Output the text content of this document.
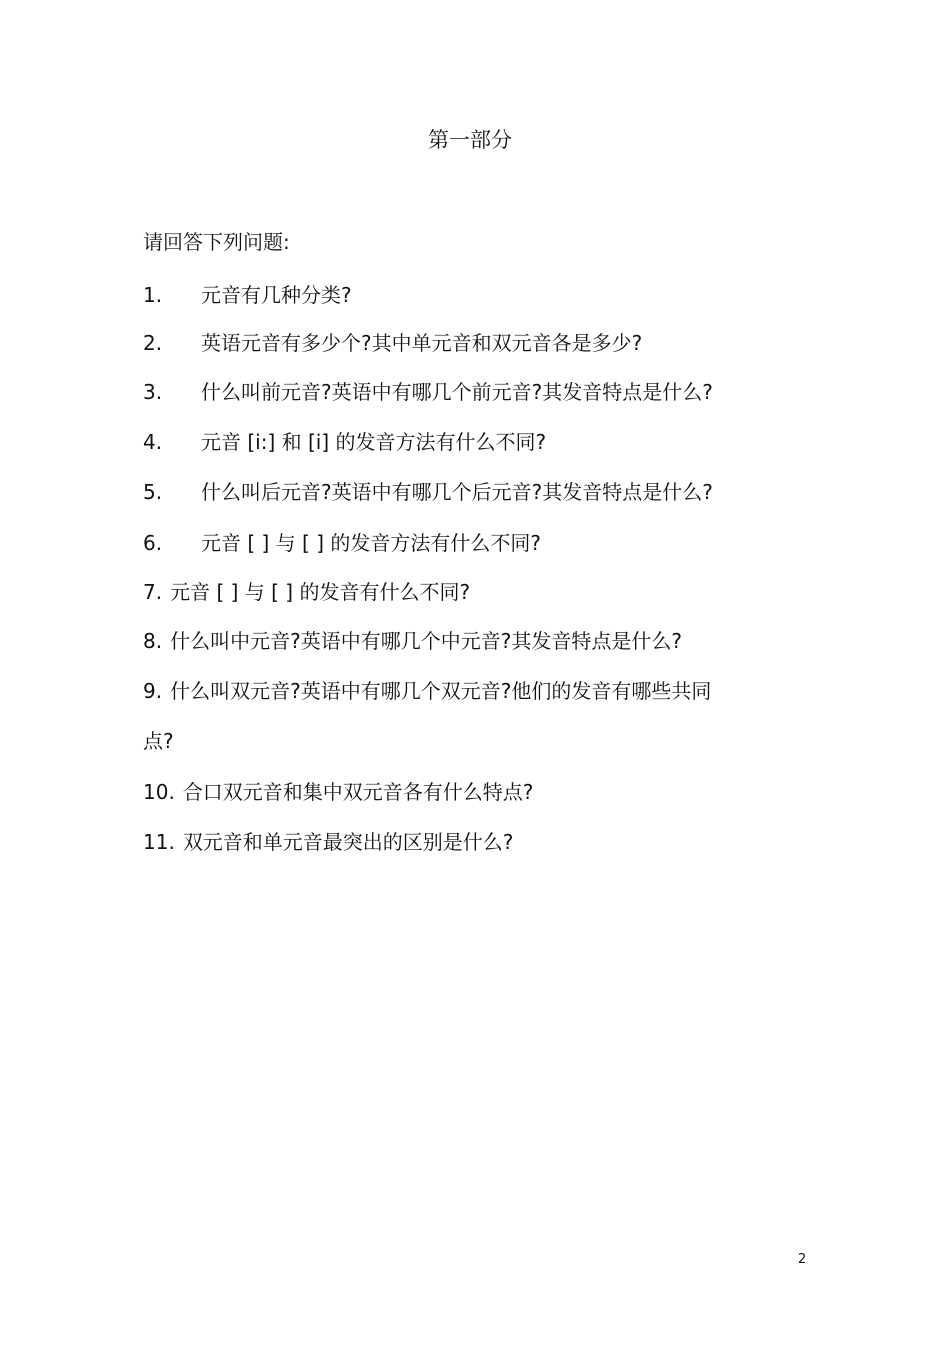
第一部分
请回答下列问题:
1. 元音有几种分类?
2. 英语元音有多少个?其中单元音和双元音各是多少?
3. 什么叫前元音?英语中有哪几个前元音?其发音特点是什么?
4. 元音 [i:] 和 [i] 的发音方法有什么不同?
5. 什么叫后元音?英语中有哪几个后元音?其发音特点是什么?
6. 元音 [ ] 与 [ ] 的发音方法有什么不同?
7. 元音 [ ] 与 [ ] 的发音有什么不同?
8. 什么叫中元音?英语中有哪几个中元音?其发音特点是什么?
9. 什么叫双元音?英语中有哪几个双元音?他们的发音有哪些共同
点?
10. 合口双元音和集中双元音各有什么特点?
11. 双元音和单元音最突出的区别是什么?
2
